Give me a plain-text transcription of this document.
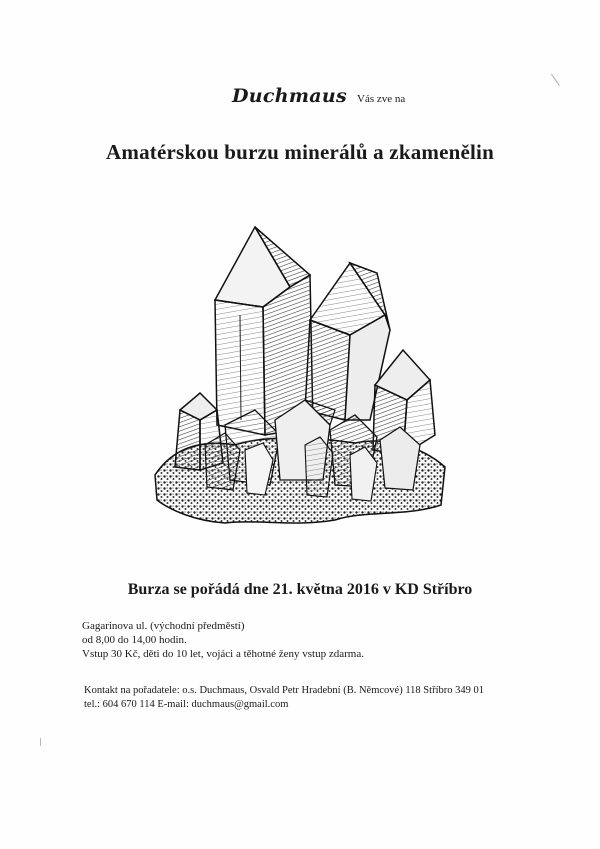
Duchmaus Vás zve na
Amatérskou burzu minerálů a zkamenělin
Burza se pořádá dne 21. května 2016 v KD Stříbro
Gagarinova ul. (východní předměstí)
od 8,00 do 14,00 hodin.
Vstup 30 Kč, děti do 10 let, vojáci a těhotné ženy vstup zdarma.
Kontakt na pořadatele: o.s. Duchmaus, Osvald Petr Hradební (B. Němcové) 118 Stříbro 349 01
tel.: 604 670 114 E-mail: duchmaus@gmail.com
